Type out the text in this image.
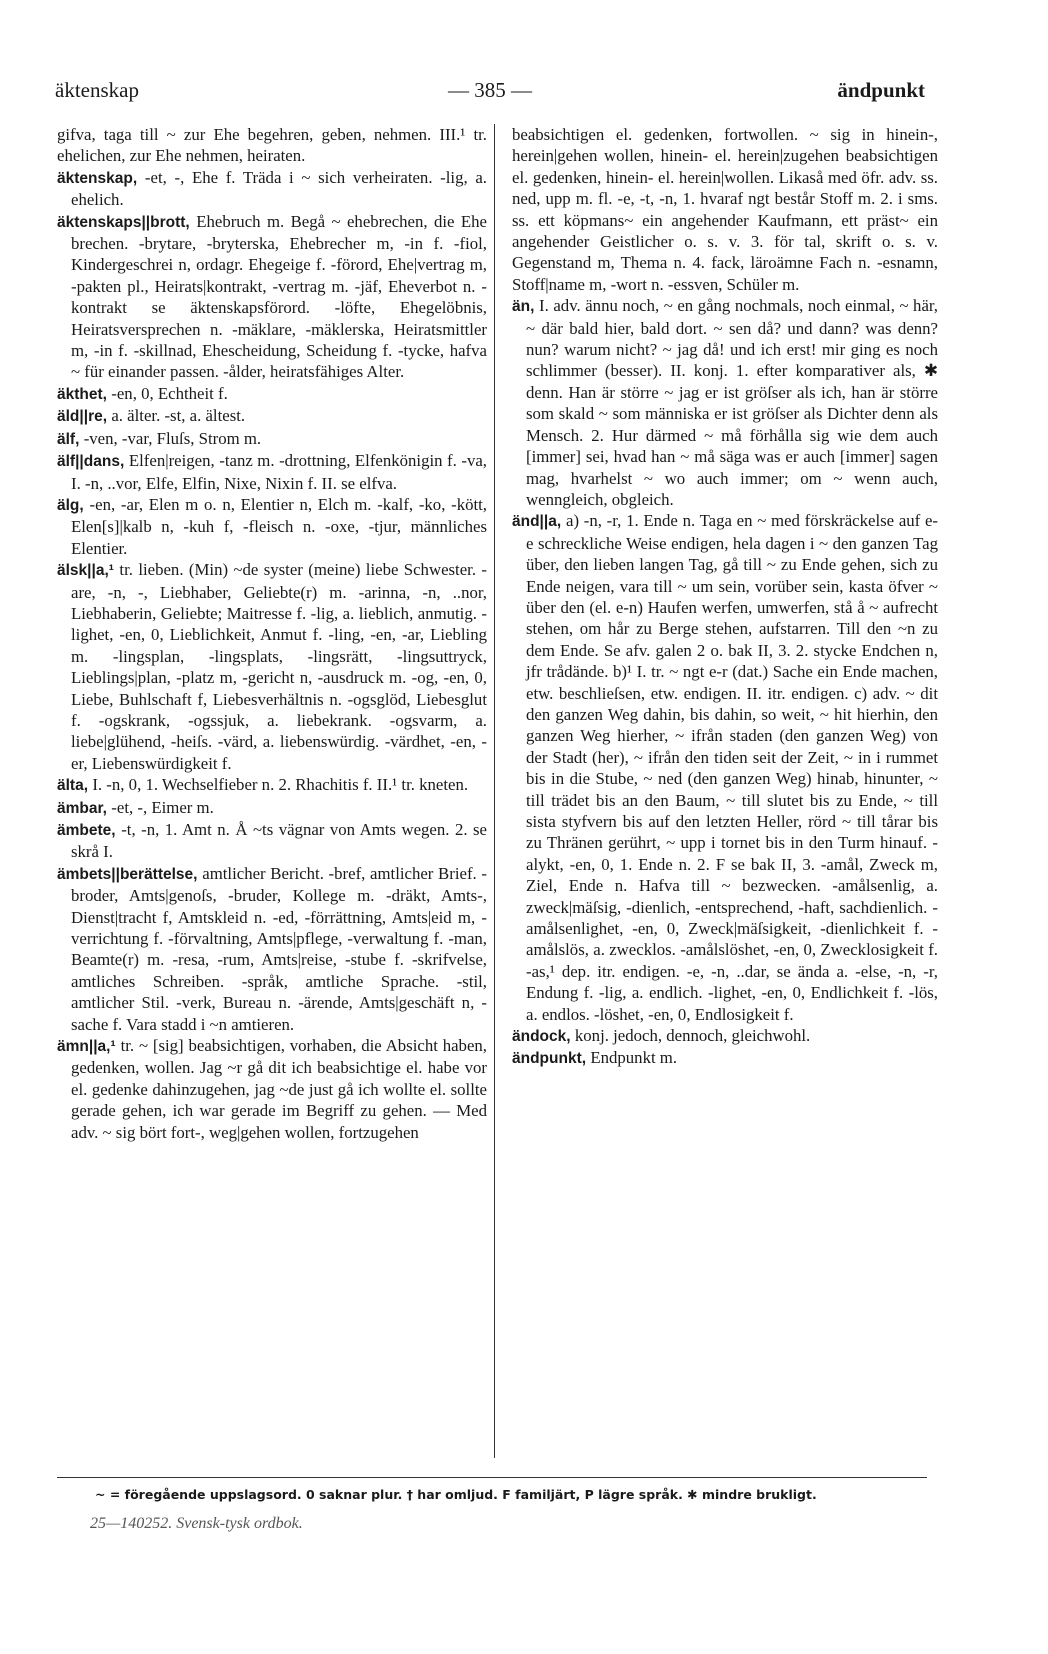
äktenskap	— 385 —	ändpunkt

gifva, taga till ~ zur Ehe begehren, geben, nehmen. III.¹ tr. ehelichen, zur Ehe nehmen, heiraten.

äktenskap, -et, -, Ehe f. Träda i ~ sich verheiraten. -lig, a. ehelich.

äktenskaps||brott, Ehebruch m. Begå ~ ehebrechen, die Ehe brechen. -brytare, -bryterska, Ehebrecher m, -in f. -fiol, Kindergeschrei n, ordagr. Ehegeige f. -förord, Ehe|vertrag m, -pakten pl., Heirats|kontrakt, -vertrag m. -jäf, Eheverbot n. -kontrakt se äktenskapsförord. -löfte, Ehegelöbnis, Heiratsversprechen n. -mäklare, -mäklerska, Heiratsmittler m, -in f. -skillnad, Ehescheidung, Scheidung f. -tycke, hafva ~ für einander passen. -ålder, heiratsfähiges Alter.

äkthet, -en, 0, Echtheit f.

äld||re, a. älter. -st, a. ältest.

älf, -ven, -var, Fluſs, Strom m.

älf||dans, Elfen|reigen, -tanz m. -drottning, Elfenkönigin f. -va, I. -n, ..vor, Elfe, Elfin, Nixe, Nixin f. II. se elfva.

älg, -en, -ar, Elen m o. n, Elentier n, Elch m. -kalf, -ko, -kött, Elen[s]|kalb n, -kuh f, -fleisch n. -oxe, -tjur, männliches Elentier.

älsk||a,¹ tr. lieben. (Min) ~de syster (meine) liebe Schwester. -are, -n, -, Liebhaber, Geliebte(r) m. -arinna, -n, ..nor, Liebhaberin, Geliebte; Maitresse f. -lig, a. lieblich, anmutig. -lighet, -en, 0, Lieblichkeit, Anmut f. -ling, -en, -ar, Liebling m. -lingsplan, -lingsplats, -lingsrätt, -lingsuttryck, Lieblings|plan, -platz m, -gericht n, -ausdruck m. -og, -en, 0, Liebe, Buhlschaft f, Liebesverhältnis n. -ogsglöd, Liebesglut f. -ogskrank, -ogssjuk, a. liebekrank. -ogsvarm, a. liebe|glühend, -heiſs. -värd, a. liebenswürdig. -värdhet, -en, -er, Liebenswürdigkeit f.

älta, I. -n, 0, 1. Wechselfieber n. 2. Rhachitis f. II.¹ tr. kneten.

ämbar, -et, -, Eimer m.

ämbete, -t, -n, 1. Amt n. Å ~ts vägnar von Amts wegen. 2. se skrå I.

ämbets||berättelse, amtlicher Bericht. -bref, amtlicher Brief. -broder, Amts|genoſs, -bruder, Kollege m. -dräkt, Amts-, Dienst|tracht f, Amtskleid n. -ed, -förrättning, Amts|eid m, -verrichtung f. -förvaltning, Amts|pflege, -verwaltung f. -man, Beamte(r) m. -resa, -rum, Amts|reise, -stube f. -skrifvelse, amtliches Schreiben. -språk, amtliche Sprache. -stil, amtlicher Stil. -verk, Bureau n. -ärende, Amts|geschäft n, -sache f. Vara stadd i ~n amtieren.

ämn||a,¹ tr. ~ [sig] beabsichtigen, vorhaben, die Absicht haben, gedenken, wollen. Jag ~r gå dit ich beabsichtige el. habe vor el. gedenke dahinzugehen, jag ~de just gå ich wollte el. sollte gerade gehen, ich war gerade im Begriff zu gehen. — Med adv. ~ sig bört fort-, weg|gehen wollen, fortzugehen

beabsichtigen el. gedenken, fortwollen. ~ sig in hinein-, herein|gehen wollen, hinein- el. herein|zugehen beabsichtigen el. gedenken, hinein- el. herein|wollen. Likaså med öfr. adv. ss. ned, upp m. fl. -e, -t, -n, 1. hvaraf ngt består Stoff m. 2. i sms. ss. ett köpmans~ ein angehender Kaufmann, ett präst~ ein angehender Geistlicher o. s. v. 3. för tal, skrift o. s. v. Gegenstand m, Thema n. 4. fack, läroämne Fach n. -esnamn, Stoff|name m, -wort n. -essven, Schüler m.

än, I. adv. ännu noch, ~ en gång nochmals, noch einmal, ~ här, ~ där bald hier, bald dort. ~ sen då? und dann? was denn? nun? warum nicht? ~ jag då! und ich erst! mir ging es noch schlimmer (besser). II. konj. 1. efter komparativer als, ✱ denn. Han är större ~ jag er ist gröſser als ich, han är större som skald ~ som människa er ist gröſser als Dichter denn als Mensch. 2. Hur därmed ~ må förhålla sig wie dem auch [immer] sei, hvad han ~ må säga was er auch [immer] sagen mag, hvarhelst ~ wo auch immer; om ~ wenn auch, wenngleich, obgleich.

änd||a, a) -n, -r, 1. Ende n. Taga en ~ med förskräckelse auf e-e schreckliche Weise endigen, hela dagen i ~ den ganzen Tag über, den lieben langen Tag, gå till ~ zu Ende gehen, sich zu Ende neigen, vara till ~ um sein, vorüber sein, kasta öfver ~ über den (el. e-n) Haufen werfen, umwerfen, stå å ~ aufrecht stehen, om hår zu Berge stehen, aufstarren. Till den ~n zu dem Ende. Se afv. galen 2 o. bak II, 3. 2. stycke Endchen n, jfr trådände. b)¹ I. tr. ~ ngt e-r (dat.) Sache ein Ende machen, etw. beschlieſsen, etw. endigen. II. itr. endigen. c) adv. ~ dit den ganzen Weg dahin, bis dahin, so weit, ~ hit hierhin, den ganzen Weg hierher, ~ ifrån staden (den ganzen Weg) von der Stadt (her), ~ ifrån den tiden seit der Zeit, ~ in i rummet bis in die Stube, ~ ned (den ganzen Weg) hinab, hinunter, ~ till trädet bis an den Baum, ~ till slutet bis zu Ende, ~ till sista styfvern bis auf den letzten Heller, rörd ~ till tårar bis zu Thränen gerührt, ~ upp i tornet bis in den Turm hinauf. -alykt, -en, 0, 1. Ende n. 2. F se bak II, 3. -amål, Zweck m, Ziel, Ende n. Hafva till ~ bezwecken. -amålsenlig, a. zweck|mäſsig, -dienlich, -entsprechend, -haft, sachdienlich. -amålsenlighet, -en, 0, Zweck|mäſsigkeit, -dienlichkeit f. -amålslös, a. zwecklos. -amålslöshet, -en, 0, Zwecklosigkeit f. -as,¹ dep. itr. endigen. -e, -n, ..dar, se ända a. -else, -n, -r, Endung f. -lig, a. endlich. -lighet, -en, 0, Endlichkeit f. -lös, a. endlos. -löshet, -en, 0, Endlosigkeit f.

ändock, konj. jedoch, dennoch, gleichwohl.

ändpunkt, Endpunkt m.

~ = föregående uppslagsord. 0 saknar plur. † har omljud. F familjärt, P lägre språk. ✱ mindre brukligt.
25—140252. Svensk-tysk ordbok.
